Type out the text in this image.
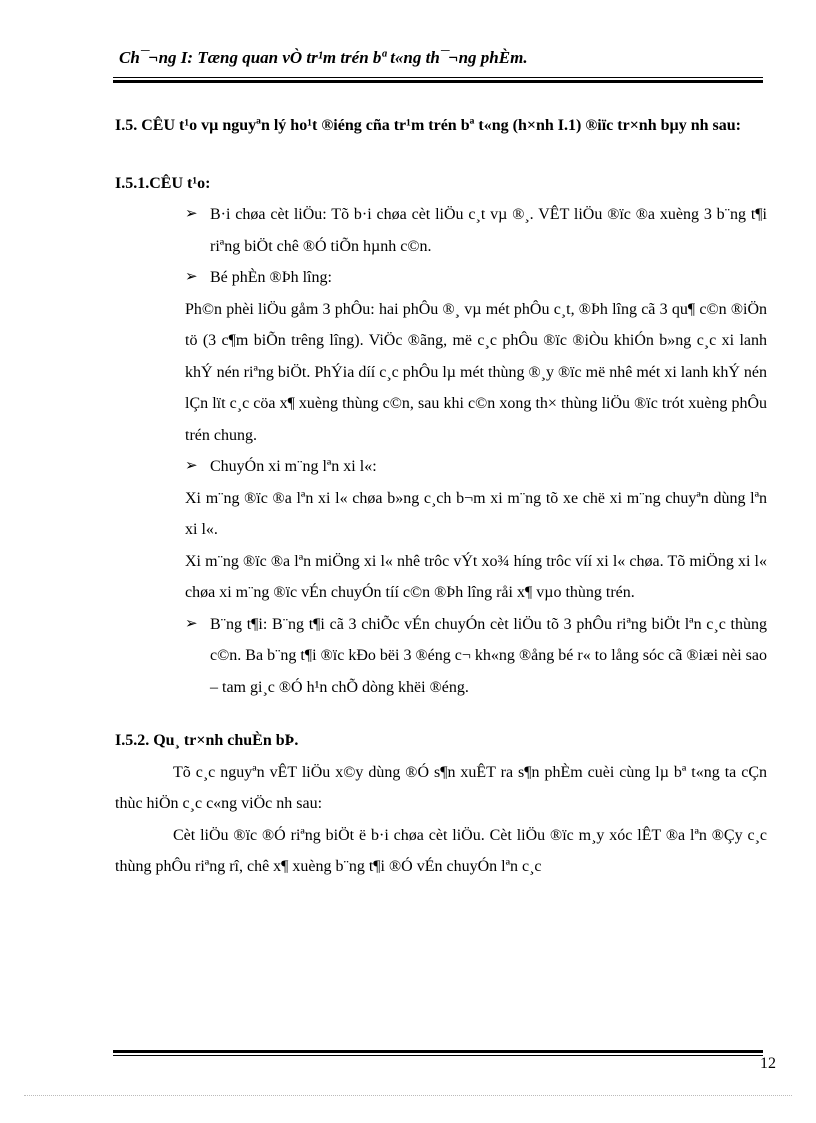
Ch¯¬ng I: Tæng quan vÒ tr¹m trén bª t«ng th¯¬ng phÈm.

I.5. CÊU t¹o vµ nguyªn lý ho¹t ®iéng cña tr¹m trén bª t«ng (h×nh I.1) ®iïc tr×nh bµy nh sau:

I.5.1.CÊU t¹o:

➢ B·i chøa cèt liÖu: Tõ b·i chøa cèt liÖu c¸t vµ ®¸. VÊT liÖu ®ïc ®a xuèng 3 b¨ng t¶i riªng biÖt chê ®Ó tiÕn hµnh c©n.

➢ Bé phÈn ®Þh lîng:

Ph©n phèi liÖu gåm 3 phÔu: hai phÔu ®¸ vµ mét phÔu c¸t, ®Þh lîng cã 3 qu¶ c©n ®iÖn tö (3 c¶m biÕn trêng lîng). ViÖc ®ãng, më c¸c phÔu ®ïc ®iÒu khiÓn b»ng c¸c xi lanh khÝ nén riªng biÖt. PhÝia díí c¸c phÔu lµ mét thùng ®¸y ®ïc më nhê mét xi lanh khÝ nén lÇn lït c¸c cöa x¶ xuèng thùng c©n, sau khi c©n xong th× thùng liÖu ®ïc trót xuèng phÔu trén chung.

➢ ChuyÓn xi m¨ng lªn xi l«:

Xi m¨ng ®ïc ®a lªn xi l« chøa b»ng c¸ch b¬m xi m¨ng tõ xe chë xi m¨ng chuyªn dùng lªn xi l«.

Xi m¨ng ®ïc ®a lªn miÖng xi l« nhê trôc vÝt xo¾ híng trôc víí xi l« chøa. Tõ miÖng xi l« chøa xi m¨ng ®ïc vÉn chuyÓn tíí c©n ®Þh lîng råi x¶ vµo thùng trén.

➢ B¨ng t¶i: B¨ng t¶i cã 3 chiÕc vÉn chuyÓn cèt liÖu tõ 3 phÔu riªng biÖt lªn c¸c thùng c©n. Ba b¨ng t¶i ®ïc kÐo bëi 3 ®éng c¬ kh«ng ®ång bé r« to lång sóc cã ®iæi nèi sao – tam gi¸c ®Ó h¹n chÕ dòng khëi ®éng.

I.5.2. Qu¸ tr×nh chuÈn bÞ.

Tõ c¸c nguyªn vÊT liÖu x©y dùng ®Ó s¶n xuÊT ra s¶n phÈm cuèi cùng lµ bª t«ng ta cÇn thùc hiÖn c¸c c«ng viÖc nh sau:

Cèt liÖu ®ïc ®Ó riªng biÖt ë b·i chøa cèt liÖu. Cèt liÖu ®ïc m¸y xóc lÊT ®a lªn ®Çy c¸c thùng phÔu riªng rî, chê x¶ xuèng b¨ng t¶i ®Ó vÉn chuyÓn lªn c¸c

12
